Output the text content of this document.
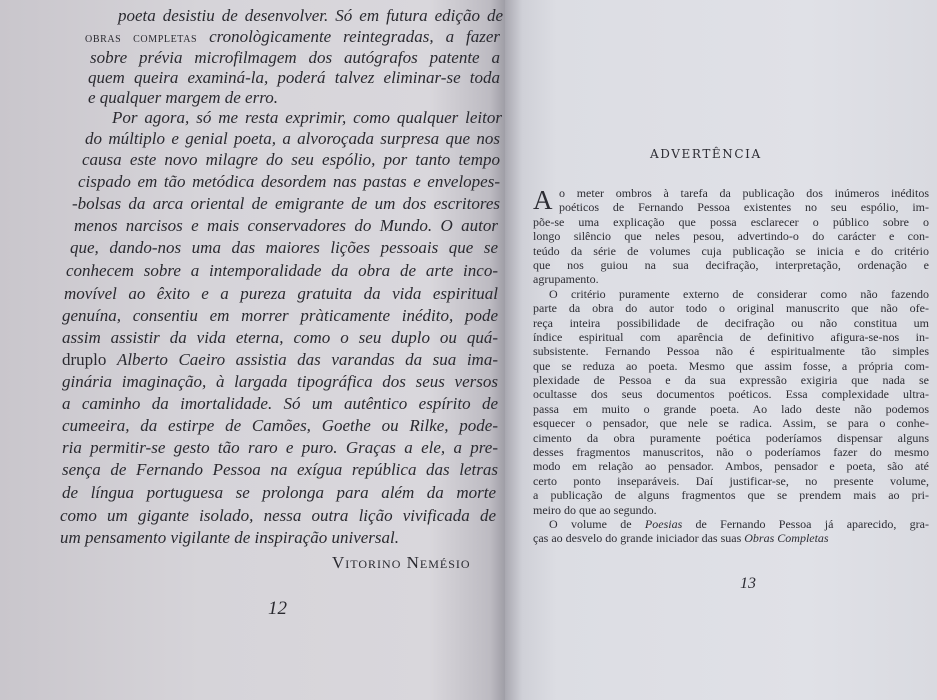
poeta desistiu de desenvolver. Só em futura edição de
obras completas cronològicamente reintegradas, a fazer
sobre prévia microfilmagem dos autógrafos patente a
quem queira examiná-la, poderá talvez eliminar-se toda
e qualquer margem de erro.
Por agora, só me resta exprimir, como qualquer leitor
do múltiplo e genial poeta, a alvoroçada surpresa que nos
causa este novo milagre do seu espólio, por tanto tempo
cispado em tão metódica desordem nas pastas e envelopes-
-bolsas da arca oriental de emigrante de um dos escritores
menos narcisos e mais conservadores do Mundo. O autor
que, dando-nos uma das maiores lições pessoais que se
conhecem sobre a intemporalidade da obra de arte inco-
movível ao êxito e a pureza gratuita da vida espiritual
genuína, consentiu em morrer pràticamente inédito, pode
assim assistir da vida eterna, como o seu duplo ou quá-
druplo Alberto Caeiro assistia das varandas da sua ima-
ginária imaginação, à largada tipográfica dos seus versos
a caminho da imortalidade. Só um autêntico espírito de
cumeeira, da estirpe de Camões, Goethe ou Rilke, pode-
ria permitir-se gesto tão raro e puro. Graças a ele, a pre-
sença de Fernando Pessoa na exígua república das letras
de língua portuguesa se prolonga para além da morte
como um gigante isolado, nessa outra lição vivificada de
um pensamento vigilante de inspiração universal.
Vitorino Nemésio
12
ADVERTÊNCIA
A o meter ombros à tarefa da publicação dos inúmeros inéditos
poéticos de Fernando Pessoa existentes no seu espólio, im-
põe-se uma explicação que possa esclarecer o público sobre o
longo silêncio que neles pesou, advertindo-o do carácter e con-
teúdo da série de volumes cuja publicação se inicia e do critério
que nos guiou na sua decifração, interpretação, ordenação e
agrupamento.
O critério puramente externo de considerar como não fazendo
parte da obra do autor todo o original manuscrito que não ofe-
reça inteira possibilidade de decifração ou não constitua um
índice espiritual com aparência de definitivo afigura-se-nos in-
subsistente. Fernando Pessoa não é espiritualmente tão simples
que se reduza ao poeta. Mesmo que assim fosse, a própria com-
plexidade de Pessoa e da sua expressão exigiria que nada se
ocultasse dos seus documentos poéticos. Essa complexidade ultra-
passa em muito o grande poeta. Ao lado deste não podemos
esquecer o pensador, que nele se radica. Assim, se para o conhe-
cimento da obra puramente poética poderíamos dispensar alguns
desses fragmentos manuscritos, não o poderíamos fazer do mesmo
modo em relação ao pensador. Ambos, pensador e poeta, são até
certo ponto inseparáveis. Daí justificar-se, no presente volume,
a publicação de alguns fragmentos que se prendem mais ao pri-
meiro do que ao segundo.
O volume de Poesias de Fernando Pessoa já aparecido, gra-
ças ao desvelo do grande iniciador das suas Obras Completas
13
